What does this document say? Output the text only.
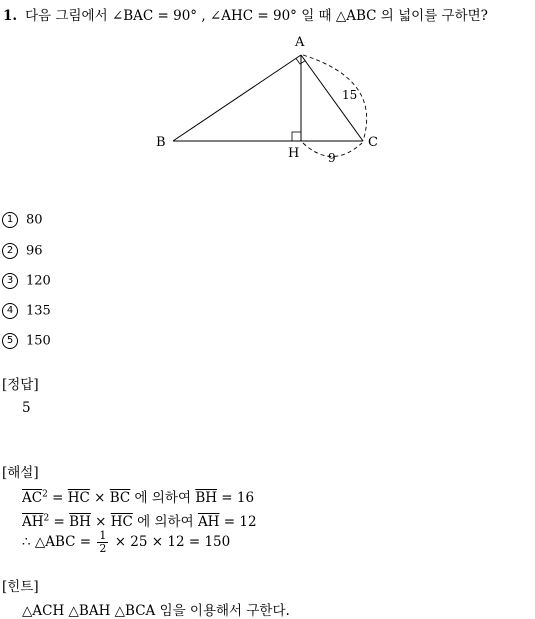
1. 다음 그림에서 ∠BAC = 90° , ∠AHC = 90° 일 때 △ABC 의 넓이를 구하면?
A
B	C
H
15
9
1 80
2 96
3 120
4 135
5 150
[정답]
5
[해설]
$\overline{AC}^2 = \overline{HC} \times \overline{BC}$ 에 의하여 $\overline{BH} = 16$
$\overline{AH}^2 = \overline{BH} \times \overline{HC}$ 에 의하여 $\overline{AH} = 12$
∴ △ABC = $\frac{1}{2} \times 25 \times 12 = 150$
[힌트]
△ACH △BAH △BCA 임을 이용해서 구한다.
